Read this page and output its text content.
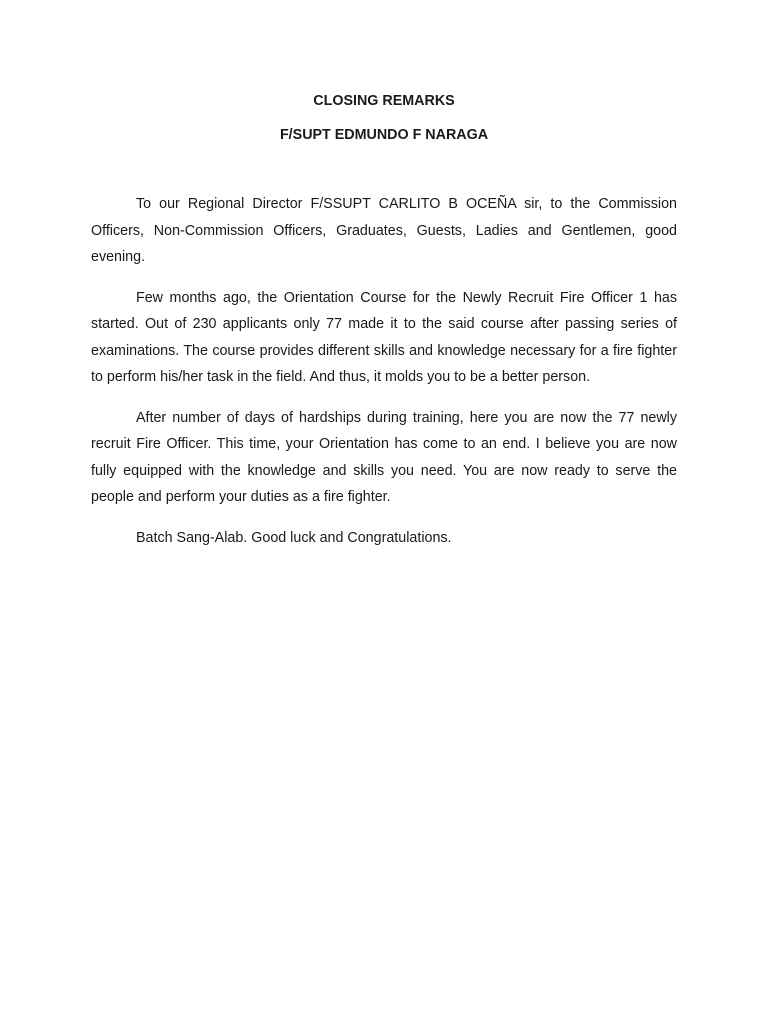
CLOSING REMARKS
F/SUPT EDMUNDO F NARAGA

To our Regional Director F/SSUPT CARLITO B OCEÑA sir, to the Commission Officers, Non-Commission Officers, Graduates, Guests, Ladies and Gentlemen, good evening.

Few months ago, the Orientation Course for the Newly Recruit Fire Officer 1 has started. Out of 230 applicants only 77 made it to the said course after passing series of examinations. The course provides different skills and knowledge necessary for a fire fighter to perform his/her task in the field. And thus, it molds you to be a better person.

After number of days of hardships during training, here you are now the 77 newly recruit Fire Officer. This time, your Orientation has come to an end. I believe you are now fully equipped with the knowledge and skills you need. You are now ready to serve the people and perform your duties as a fire fighter.

Batch Sang-Alab. Good luck and Congratulations.
